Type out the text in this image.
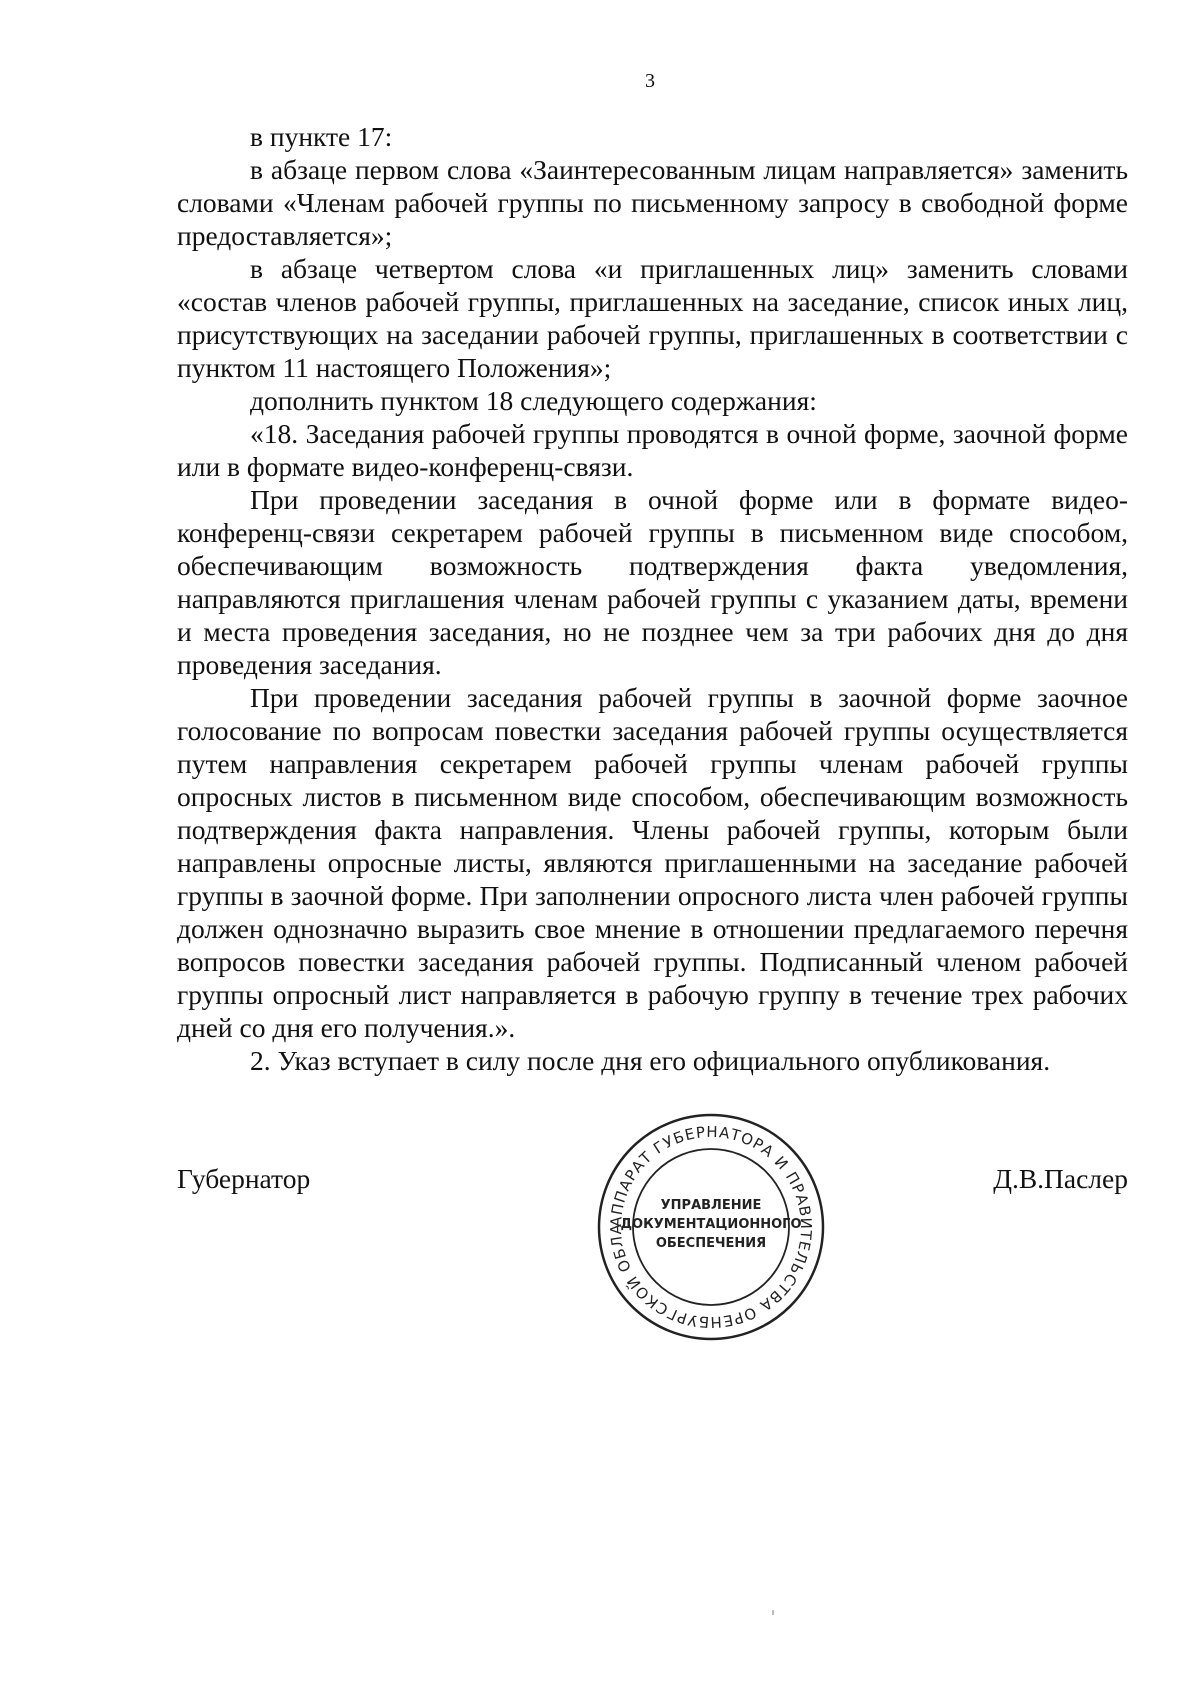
3

в пункте 17:

в абзаце первом слова «Заинтересованным лицам направляется» заменить словами «Членам рабочей группы по письменному запросу в свободной форме предоставляется»;

в абзаце четвертом слова «и приглашенных лиц» заменить словами «состав членов рабочей группы, приглашенных на заседание, список иных лиц, присутствующих на заседании рабочей группы, приглашенных в соответствии с пунктом 11 настоящего Положения»;

дополнить пунктом 18 следующего содержания:

«18. Заседания рабочей группы проводятся в очной форме, заочной форме или в формате видео-конференц-связи.

При проведении заседания в очной форме или в формате видео-конференц-связи секретарем рабочей группы в письменном виде способом, обеспечивающим возможность подтверждения факта уведомления, направляются приглашения членам рабочей группы с указанием даты, времени и места проведения заседания, но не позднее чем за три рабочих дня до дня проведения заседания.

При проведении заседания рабочей группы в заочной форме заочное голосование по вопросам повестки заседания рабочей группы осуществляется путем направления секретарем рабочей группы членам рабочей группы опросных листов в письменном виде способом, обеспечивающим возможность подтверждения факта направления. Члены рабочей группы, которым были направлены опросные листы, являются приглашенными на заседание рабочей группы в заочной форме. При заполнении опросного листа член рабочей группы должен однозначно выразить свое мнение в отношении предлагаемого перечня вопросов повестки заседания рабочей группы. Подписанный членом рабочей группы опросный лист направляется в рабочую группу в течение трех рабочих дней со дня его получения.».

2. Указ вступает в силу после дня его официального опубликования.

Губернатор	Д.В.Паслер
АППАРАТ ГУБЕРНАТОРА И ПРАВИТЕЛЬСТВА ОРЕНБУРГСКОЙ ОБЛА
УПРАВЛЕНИЕ
ДОКУМЕНТАЦИОННОГО
ОБЕСПЕЧЕНИЯ
